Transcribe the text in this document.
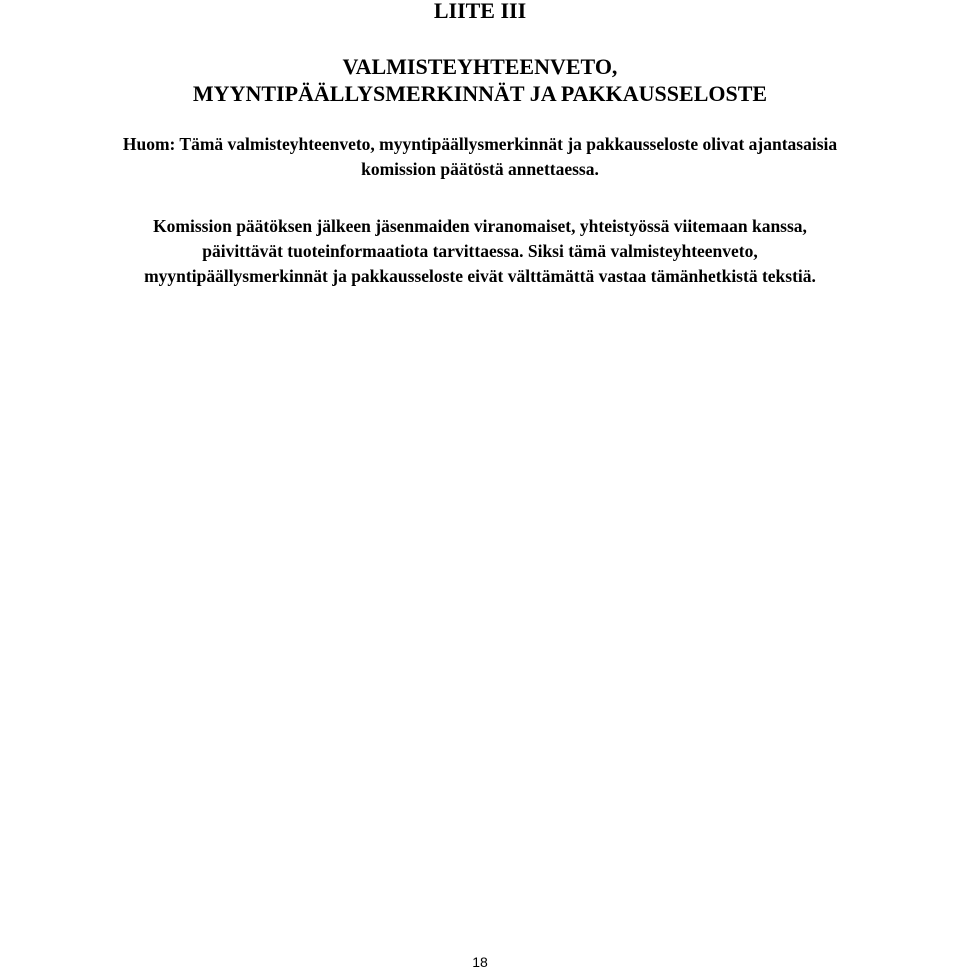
LIITE III
VALMISTEYHTEENVETO,
MYYNTIPÄÄLLYSMERKINNÄT JA PAKKAUSSELOSTE

Huom: Tämä valmisteyhteenveto, myyntipäällysmerkinnät ja pakkausseloste olivat ajantasaisia
komission päätöstä annettaessa.

Komission päätöksen jälkeen jäsenmaiden viranomaiset, yhteistyössä viitemaan kanssa,
päivittävät tuoteinformaatiota tarvittaessa. Siksi tämä valmisteyhteenveto,
myyntipäällysmerkinnät ja pakkausseloste eivät välttämättä vastaa tämänhetkistä tekstiä.

18
